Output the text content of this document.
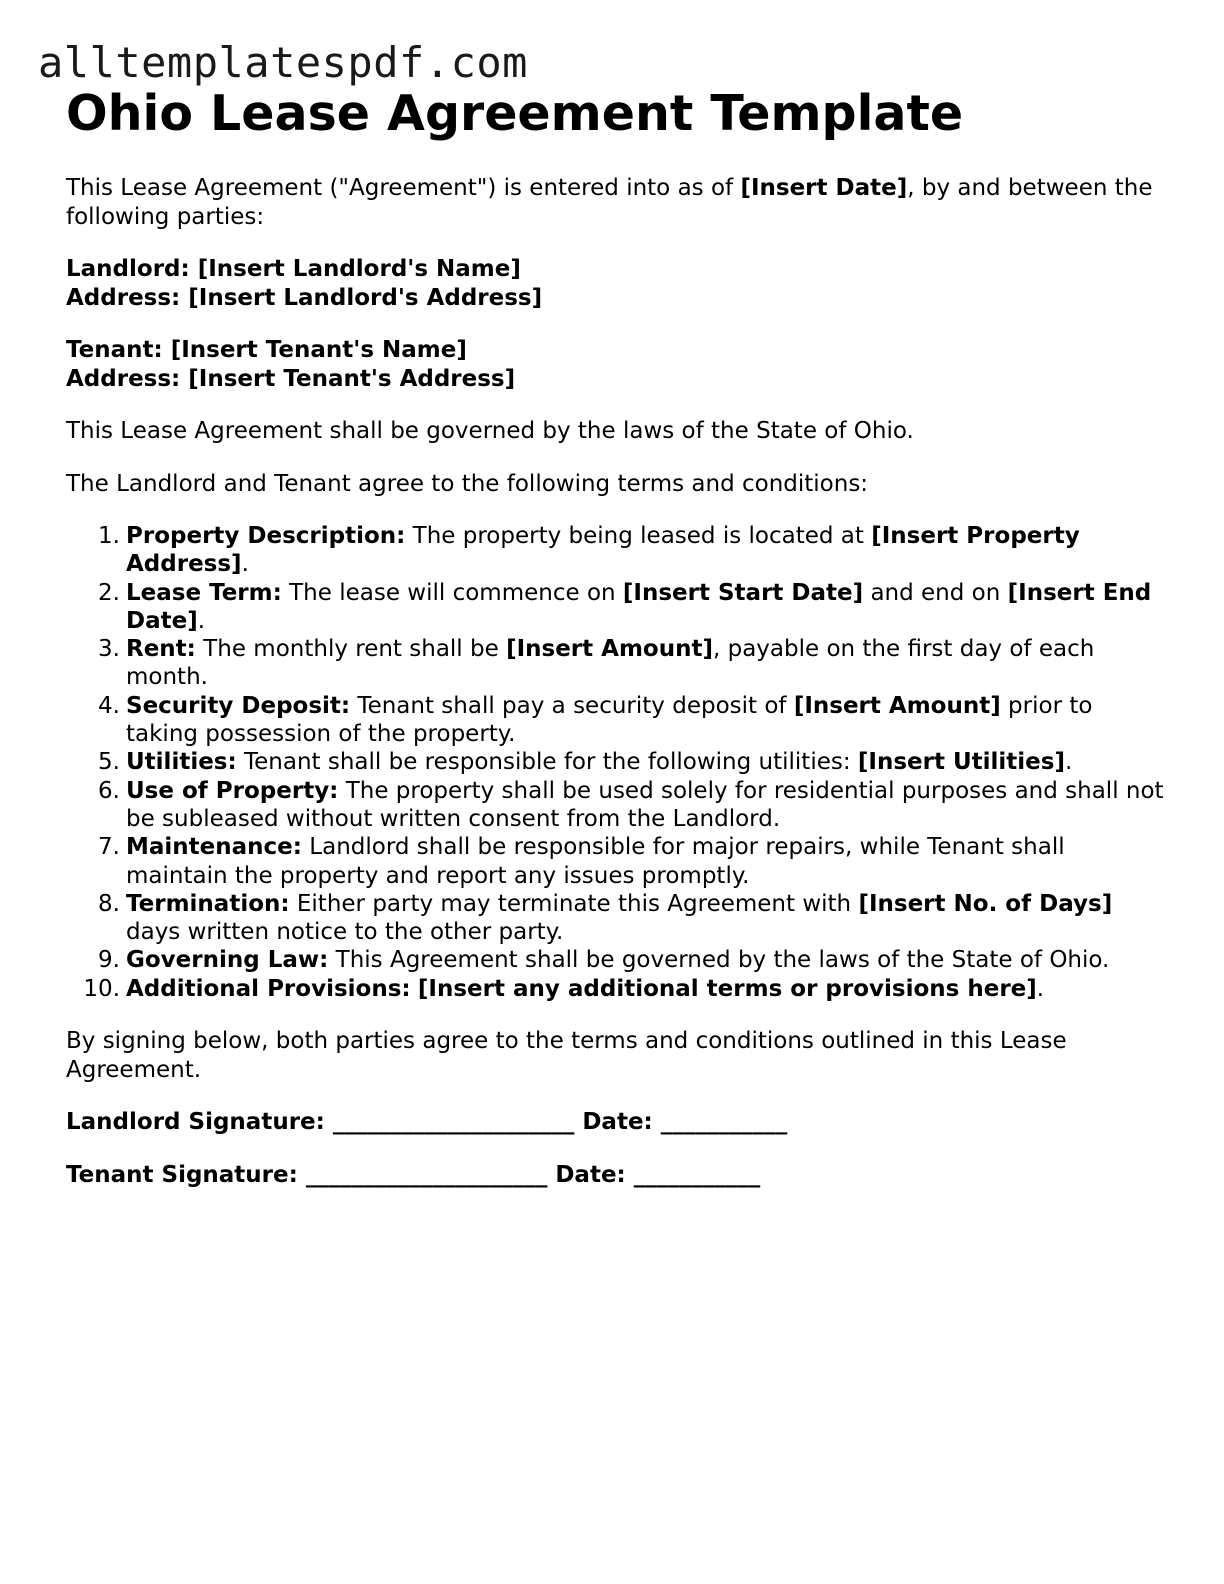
alltemplatespdf.com
Ohio Lease Agreement Template

This Lease Agreement ("Agreement") is entered into as of [Insert Date], by and between the following parties:

Landlord: [Insert Landlord's Name]
Address: [Insert Landlord's Address]

Tenant: [Insert Tenant's Name]
Address: [Insert Tenant's Address]

This Lease Agreement shall be governed by the laws of the State of Ohio.

The Landlord and Tenant agree to the following terms and conditions:

1. Property Description: The property being leased is located at [Insert Property Address].
2. Lease Term: The lease will commence on [Insert Start Date] and end on [Insert End Date].
3. Rent: The monthly rent shall be [Insert Amount], payable on the first day of each month.
4. Security Deposit: Tenant shall pay a security deposit of [Insert Amount] prior to taking possession of the property.
5. Utilities: Tenant shall be responsible for the following utilities: [Insert Utilities].
6. Use of Property: The property shall be used solely for residential purposes and shall not be subleased without written consent from the Landlord.
7. Maintenance: Landlord shall be responsible for major repairs, while Tenant shall maintain the property and report any issues promptly.
8. Termination: Either party may terminate this Agreement with [Insert No. of Days] days written notice to the other party.
9. Governing Law: This Agreement shall be governed by the laws of the State of Ohio.
10. Additional Provisions: [Insert any additional terms or provisions here].

By signing below, both parties agree to the terms and conditions outlined in this Lease Agreement.

Landlord Signature: _____________________ Date: ___________

Tenant Signature: _____________________ Date: ___________
